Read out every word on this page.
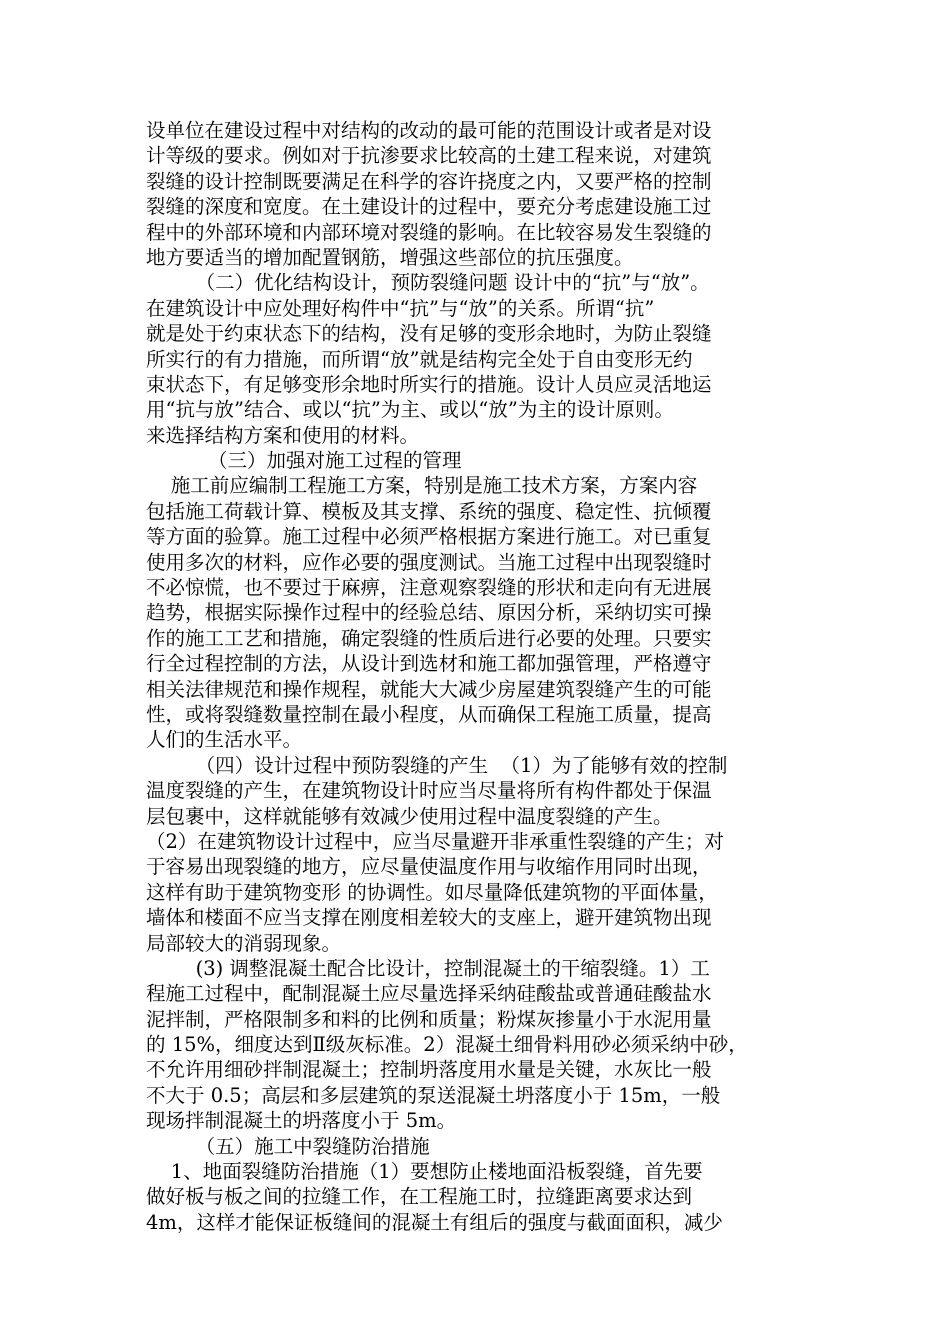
设单位在建设过程中对结构的改动的最可能的范围设计或者是对设
计等级的要求。例如对于抗渗要求比较高的土建工程来说，对建筑
裂缝的设计控制既要满足在科学的容许挠度之内，又要严格的控制
裂缝的深度和宽度。在土建设计的过程中，要充分考虑建设施工过
程中的外部环境和内部环境对裂缝的影响。在比较容易发生裂缝的
地方要适当的增加配置钢筋，增强这些部位的抗压强度。
（二）优化结构设计，预防裂缝问题 设计中的“抗”与“放”。
在建筑设计中应处理好构件中“抗”与“放”的关系。所谓“抗”
就是处于约束状态下的结构，没有足够的变形余地时，为防止裂缝
所实行的有力措施，而所谓“放”就是结构完全处于自由变形无约
束状态下，有足够变形余地时所实行的措施。设计人员应灵活地运
用“抗与放”结合、或以“抗”为主、或以“放”为主的设计原则。
来选择结构方案和使用的材料。
（三）加强对施工过程的管理
施工前应编制工程施工方案，特别是施工技术方案，方案内容
包括施工荷载计算、模板及其支撑、系统的强度、稳定性、抗倾覆
等方面的验算。施工过程中必须严格根据方案进行施工。对已重复
使用多次的材料，应作必要的强度测试。当施工过程中出现裂缝时
不必惊慌，也不要过于麻痹，注意观察裂缝的形状和走向有无进展
趋势，根据实际操作过程中的经验总结、原因分析，采纳切实可操
作的施工工艺和措施，确定裂缝的性质后进行必要的处理。只要实
行全过程控制的方法，从设计到选材和施工都加强管理，严格遵守
相关法律规范和操作规程，就能大大减少房屋建筑裂缝产生的可能
性，或将裂缝数量控制在最小程度，从而确保工程施工质量，提高
人们的生活水平。
（四）设计过程中预防裂缝的产生  （1）为了能够有效的控制
温度裂缝的产生，在建筑物设计时应当尽量将所有构件都处于保温
层包裹中，这样就能够有效减少使用过程中温度裂缝的产生。
（2）在建筑物设计过程中，应当尽量避开非承重性裂缝的产生；对
于容易出现裂缝的地方，应尽量使温度作用与收缩作用同时出现，
这样有助于建筑物变形 的协调性。如尽量降低建筑物的平面体量，
墙体和楼面不应当支撑在刚度相差较大的支座上，避开建筑物出现
局部较大的消弱现象。
(3) 调整混凝土配合比设计，控制混凝土的干缩裂缝。1）工
程施工过程中，配制混凝土应尽量选择采纳硅酸盐或普通硅酸盐水
泥拌制，严格限制多和料的比例和质量；粉煤灰掺量小于水泥用量
的 15%，细度达到Ⅱ级灰标准。2）混凝土细骨料用砂必须采纳中砂，
不允许用细砂拌制混凝土；控制坍落度用水量是关键，水灰比一般
不大于 0.5；高层和多层建筑的泵送混凝土坍落度小于 15m，一般
现场拌制混凝土的坍落度小于 5m。
（五）施工中裂缝防治措施
1、地面裂缝防治措施（1）要想防止楼地面沿板裂缝，首先要
做好板与板之间的拉缝工作，在工程施工时，拉缝距离要求达到
4m，这样才能保证板缝间的混凝土有组后的强度与截面面积，减少
